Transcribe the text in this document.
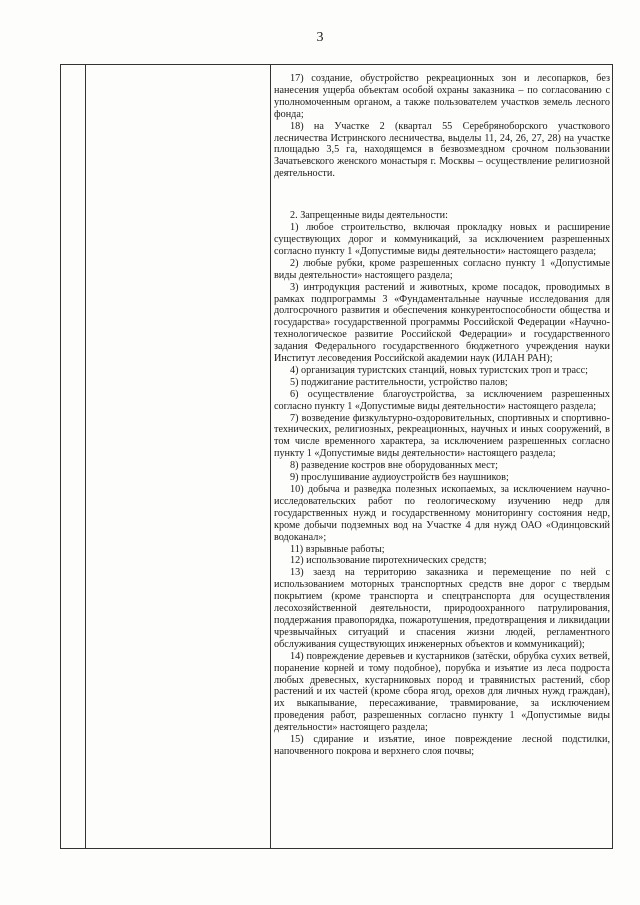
3

17) создание, обустройство рекреационных зон и лесопарков, без нанесения ущерба объектам особой охраны заказника – по согласованию с уполномоченным органом, а также пользователем участков земель лесного фонда;

18) на Участке 2 (квартал 55 Серебряноборского участкового лесничества Истринского лесничества, выделы 11, 24, 26, 27, 28) на участке площадью 3,5 га, находящемся в безвозмездном срочном пользовании Зачатьевского женского монастыря г. Москвы – осуществление религиозной деятельности.

2. Запрещенные виды деятельности:

1) любое строительство, включая прокладку новых и расширение существующих дорог и коммуникаций, за исключением разрешенных согласно пункту 1 «Допустимые виды деятельности» настоящего раздела;

2) любые рубки, кроме разрешенных согласно пункту 1 «Допустимые виды деятельности» настоящего раздела;

3) интродукция растений и животных, кроме посадок, проводимых в рамках подпрограммы 3 «Фундаментальные научные исследования для долгосрочного развития и обеспечения конкурентоспособности общества и государства» государственной программы Российской Федерации «Научно-технологическое развитие Российской Федерации» и государственного задания Федерального государственного бюджетного учреждения науки Институт лесоведения Российской академии наук (ИЛАН РАН);

4) организация туристских станций, новых туристских троп и трасс;

5) поджигание растительности, устройство палов;

6) осуществление благоустройства, за исключением разрешенных согласно пункту 1 «Допустимые виды деятельности» настоящего раздела;

7) возведение физкультурно-оздоровительных, спортивных и спортивно-технических, религиозных, рекреационных, научных и иных сооружений, в том числе временного характера, за исключением разрешенных согласно пункту 1 «Допустимые виды деятельности» настоящего раздела;

8) разведение костров вне оборудованных мест;

9) прослушивание аудиоустройств без наушников;

10) добыча и разведка полезных ископаемых, за исключением научно-исследовательских работ по геологическому изучению недр для государственных нужд и государственному мониторингу состояния недр, кроме добычи подземных вод на Участке 4 для нужд ОАО «Одинцовский водоканал»;

11) взрывные работы;

12) использование пиротехнических средств;

13) заезд на территорию заказника и перемещение по ней с использованием моторных транспортных средств вне дорог с твердым покрытием (кроме транспорта и спецтранспорта для осуществления лесохозяйственной деятельности, природоохранного патрулирования, поддержания правопорядка, пожаротушения, предотвращения и ликвидации чрезвычайных ситуаций и спасения жизни людей, регламентного обслуживания существующих инженерных объектов и коммуникаций);

14) повреждение деревьев и кустарников (затёски, обрубка сухих ветвей, поранение корней и тому подобное), порубка и изъятие из леса подроста любых древесных, кустарниковых пород и травянистых растений, сбор растений и их частей (кроме сбора ягод, орехов для личных нужд граждан), их выкапывание, пересаживание, травмирование, за исключением проведения работ, разрешенных согласно пункту 1 «Допустимые виды деятельности» настоящего раздела;

15) сдирание и изъятие, иное повреждение лесной подстилки, напочвенного покрова и верхнего слоя почвы;
